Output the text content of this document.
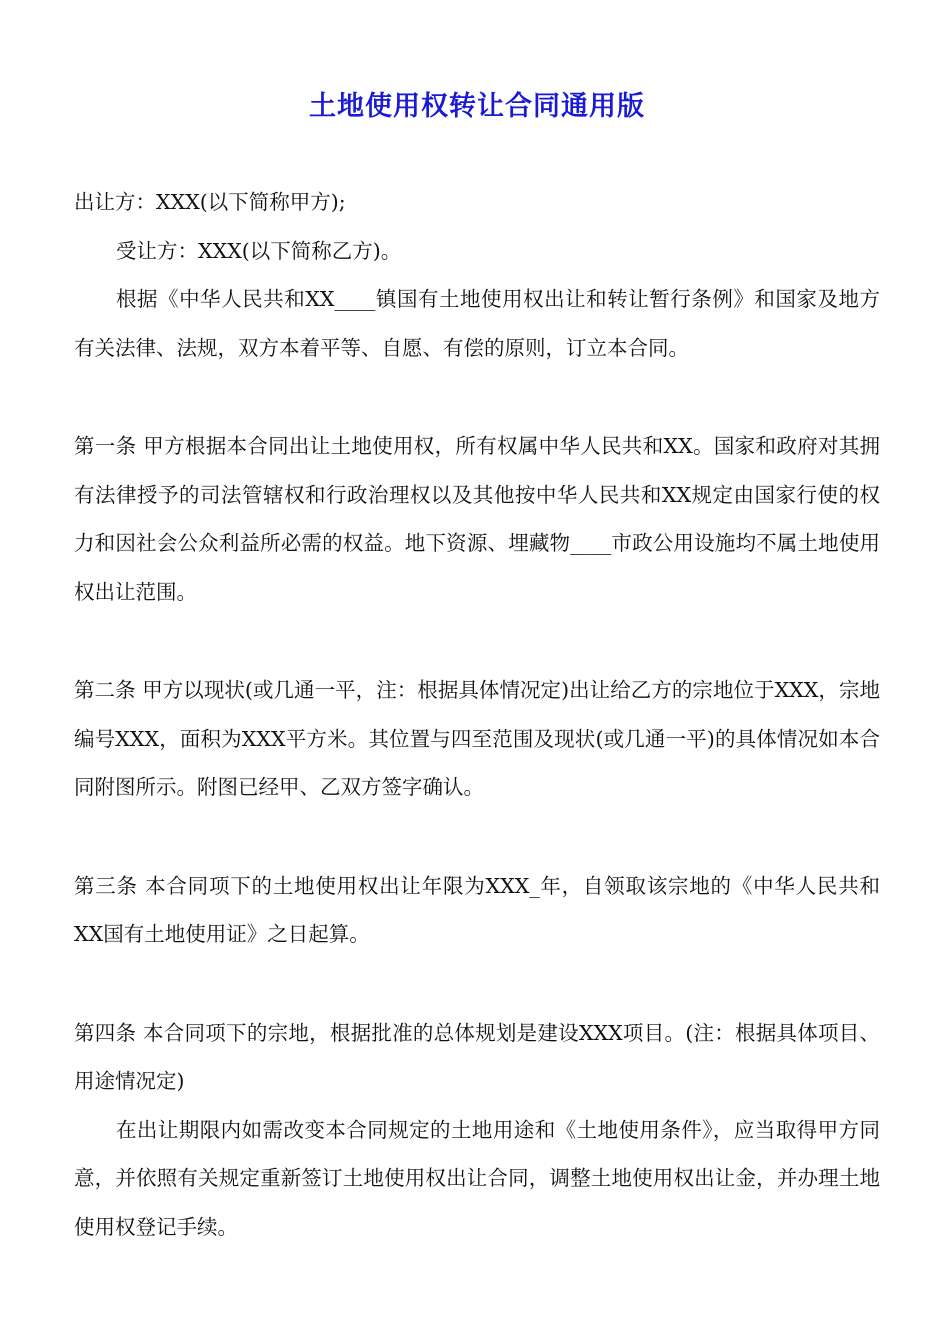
土地使用权转让合同通用版

出让方：XXX(以下简称甲方);

受让方：XXX(以下简称乙方)。

根据《中华人民共和XX____镇国有土地使用权出让和转让暂行条例》和国家及地方有关法律、法规，双方本着平等、自愿、有偿的原则，订立本合同。

第一条 甲方根据本合同出让土地使用权，所有权属中华人民共和XX。国家和政府对其拥有法律授予的司法管辖权和行政治理权以及其他按中华人民共和XX规定由国家行使的权力和因社会公众利益所必需的权益。地下资源、埋藏物____市政公用设施均不属土地使用权出让范围。

第二条 甲方以现状(或几通一平，注：根据具体情况定)出让给乙方的宗地位于XXX，宗地编号XXX，面积为XXX平方米。其位置与四至范围及现状(或几通一平)的具体情况如本合同附图所示。附图已经甲、乙双方签字确认。

第三条 本合同项下的土地使用权出让年限为XXX_年，自领取该宗地的《中华人民共和XX国有土地使用证》之日起算。

第四条 本合同项下的宗地，根据批准的总体规划是建设XXX项目。(注：根据具体项目、用途情况定)

在出让期限内如需改变本合同规定的土地用途和《土地使用条件》，应当取得甲方同意，并依照有关规定重新签订土地使用权出让合同，调整土地使用权出让金，并办理土地使用权登记手续。
